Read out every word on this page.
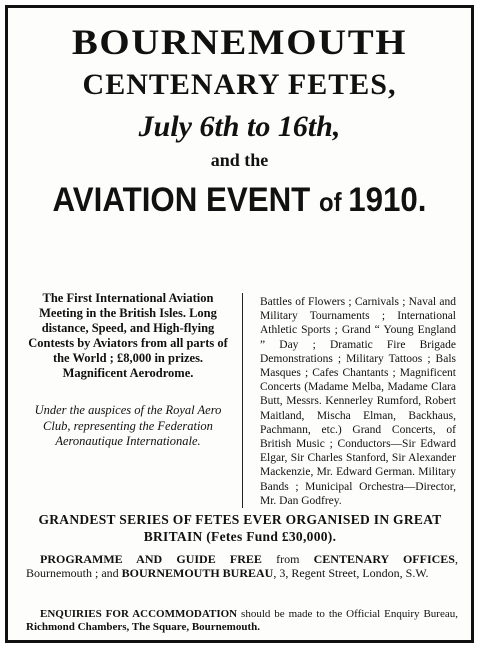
BOURNEMOUTH

CENTENARY FETES,

July 6th to 16th,

and the

AVIATION EVENT of 1910.

The First International Aviation Meeting in the British Isles. Long distance, Speed, and High-flying Contests by Aviators from all parts of the World ; £8,000 in prizes. Magnificent Aerodrome.

Under the auspices of the Royal Aero Club, representing the Federation Aeronautique Internationale.

Battles of Flowers ; Carnivals ; Naval and Military Tournaments ; International Athletic Sports ; Grand “ Young England ” Day ; Dramatic Fire Brigade Demonstrations ; Military Tattoos ; Bals Masques ; Cafes Chantants ; Magnificent Concerts (Madame Melba, Madame Clara Butt, Messrs. Kennerley Rumford, Robert Maitland, Mischa Elman, Backhaus, Pachmann, etc.) Grand Concerts, of British Music ; Conductors—Sir Edward Elgar, Sir Charles Stanford, Sir Alexander Mackenzie, Mr. Edward German. Military Bands ; Municipal Orchestra—Director, Mr. Dan Godfrey.

GRANDEST SERIES OF FETES EVER ORGANISED IN GREAT BRITAIN (Fetes Fund £30,000).

PROGRAMME AND GUIDE FREE from CENTENARY OFFICES, Bournemouth ; and BOURNEMOUTH BUREAU, 3, Regent Street, London, S.W.

ENQUIRIES FOR ACCOMMODATION should be made to the Official Enquiry Bureau, Richmond Chambers, The Square, Bournemouth.
